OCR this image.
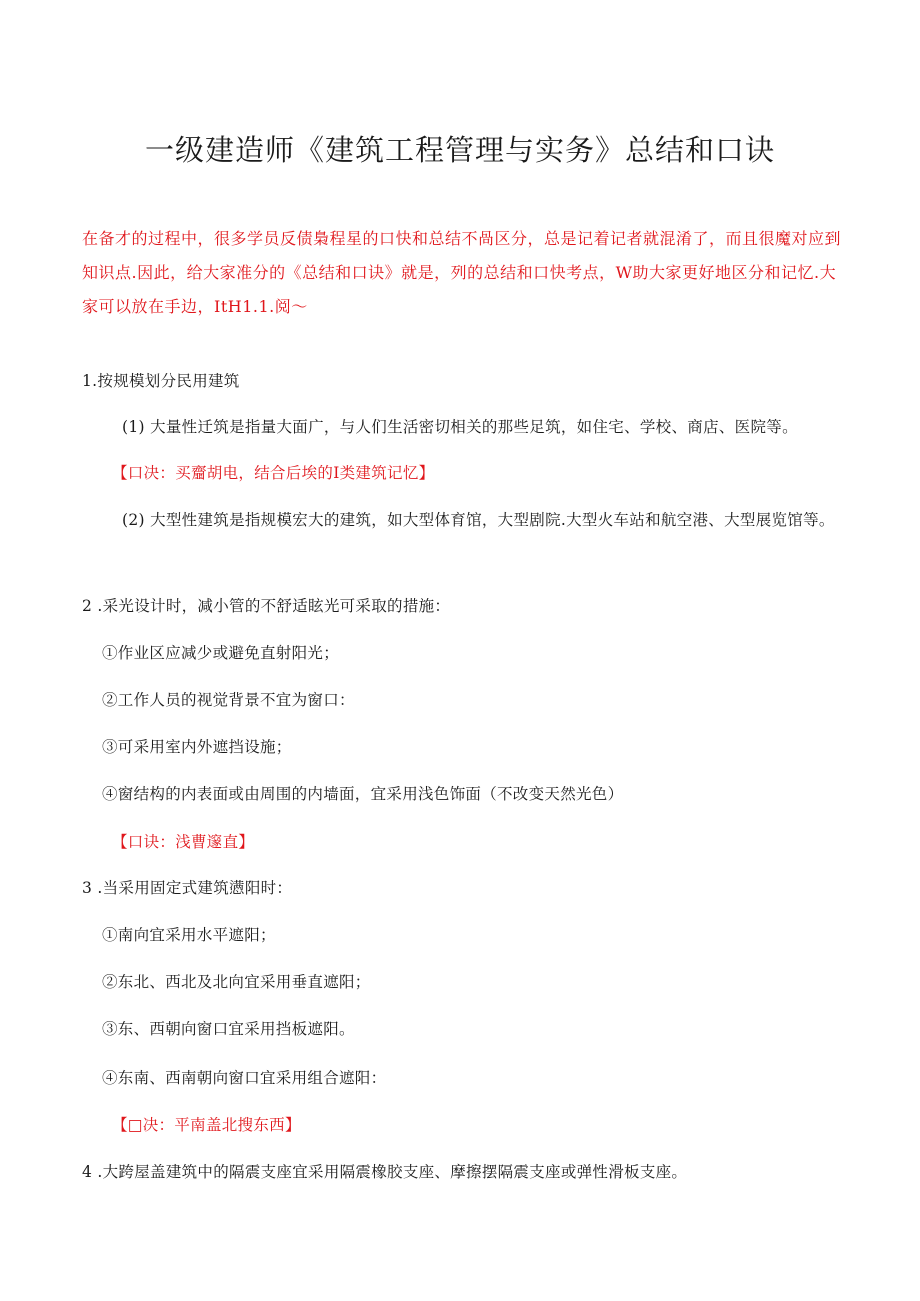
一级建造师《建筑工程管理与实务》总结和口诀
在备才的过程中，很多学员反债梟程星的口快和总结不咼区分，总是记着记者就混淆了，而且很魔对应到知识点.因此，给大家准分的《总结和口诀》就是，列的总结和口快考点，W助大家更好地区分和记忆.大家可以放在手边，ItH1.1.阅～
1.按规模划分民用建筑
(1) 大量性迁筑是指量大面广，与人们生活密切相关的那些足筑，如住宅、学校、商店、医院等。
【口决：买齏胡电，结合后埃的Ⅰ类建筑记忆】
(2) 大型性建筑是指规模宏大的建筑，如大型体育馆，大型剧院.大型火车站和航空港、大型展览馆等。
2 .采光设计时，减小管的不舒适眩光可采取的措施：
①作业区应减少或避免直射阳光；
②工作人员的视觉背景不宜为窗口：
③可采用室内外遮挡设施；
④窗结构的内表面或由周围的内墙面，宜采用浅色饰面（不改变天然光色）
【口诀：浅曹邃直】
3 .当采用固定式建筑懑阳时：
①南向宜采用水平遮阳；
②东北、西北及北向宜采用垂直遮阳；
③东、西朝向窗口宜采用挡板遮阳。
④东南、西南朝向窗口宜采用组合遮阳：
【□决：平南盖北搜东西】
4 .大跨屋盖建筑中的隔震支座宜采用隔震橡胶支座、摩擦摆隔震支座或弹性滑板支座。
